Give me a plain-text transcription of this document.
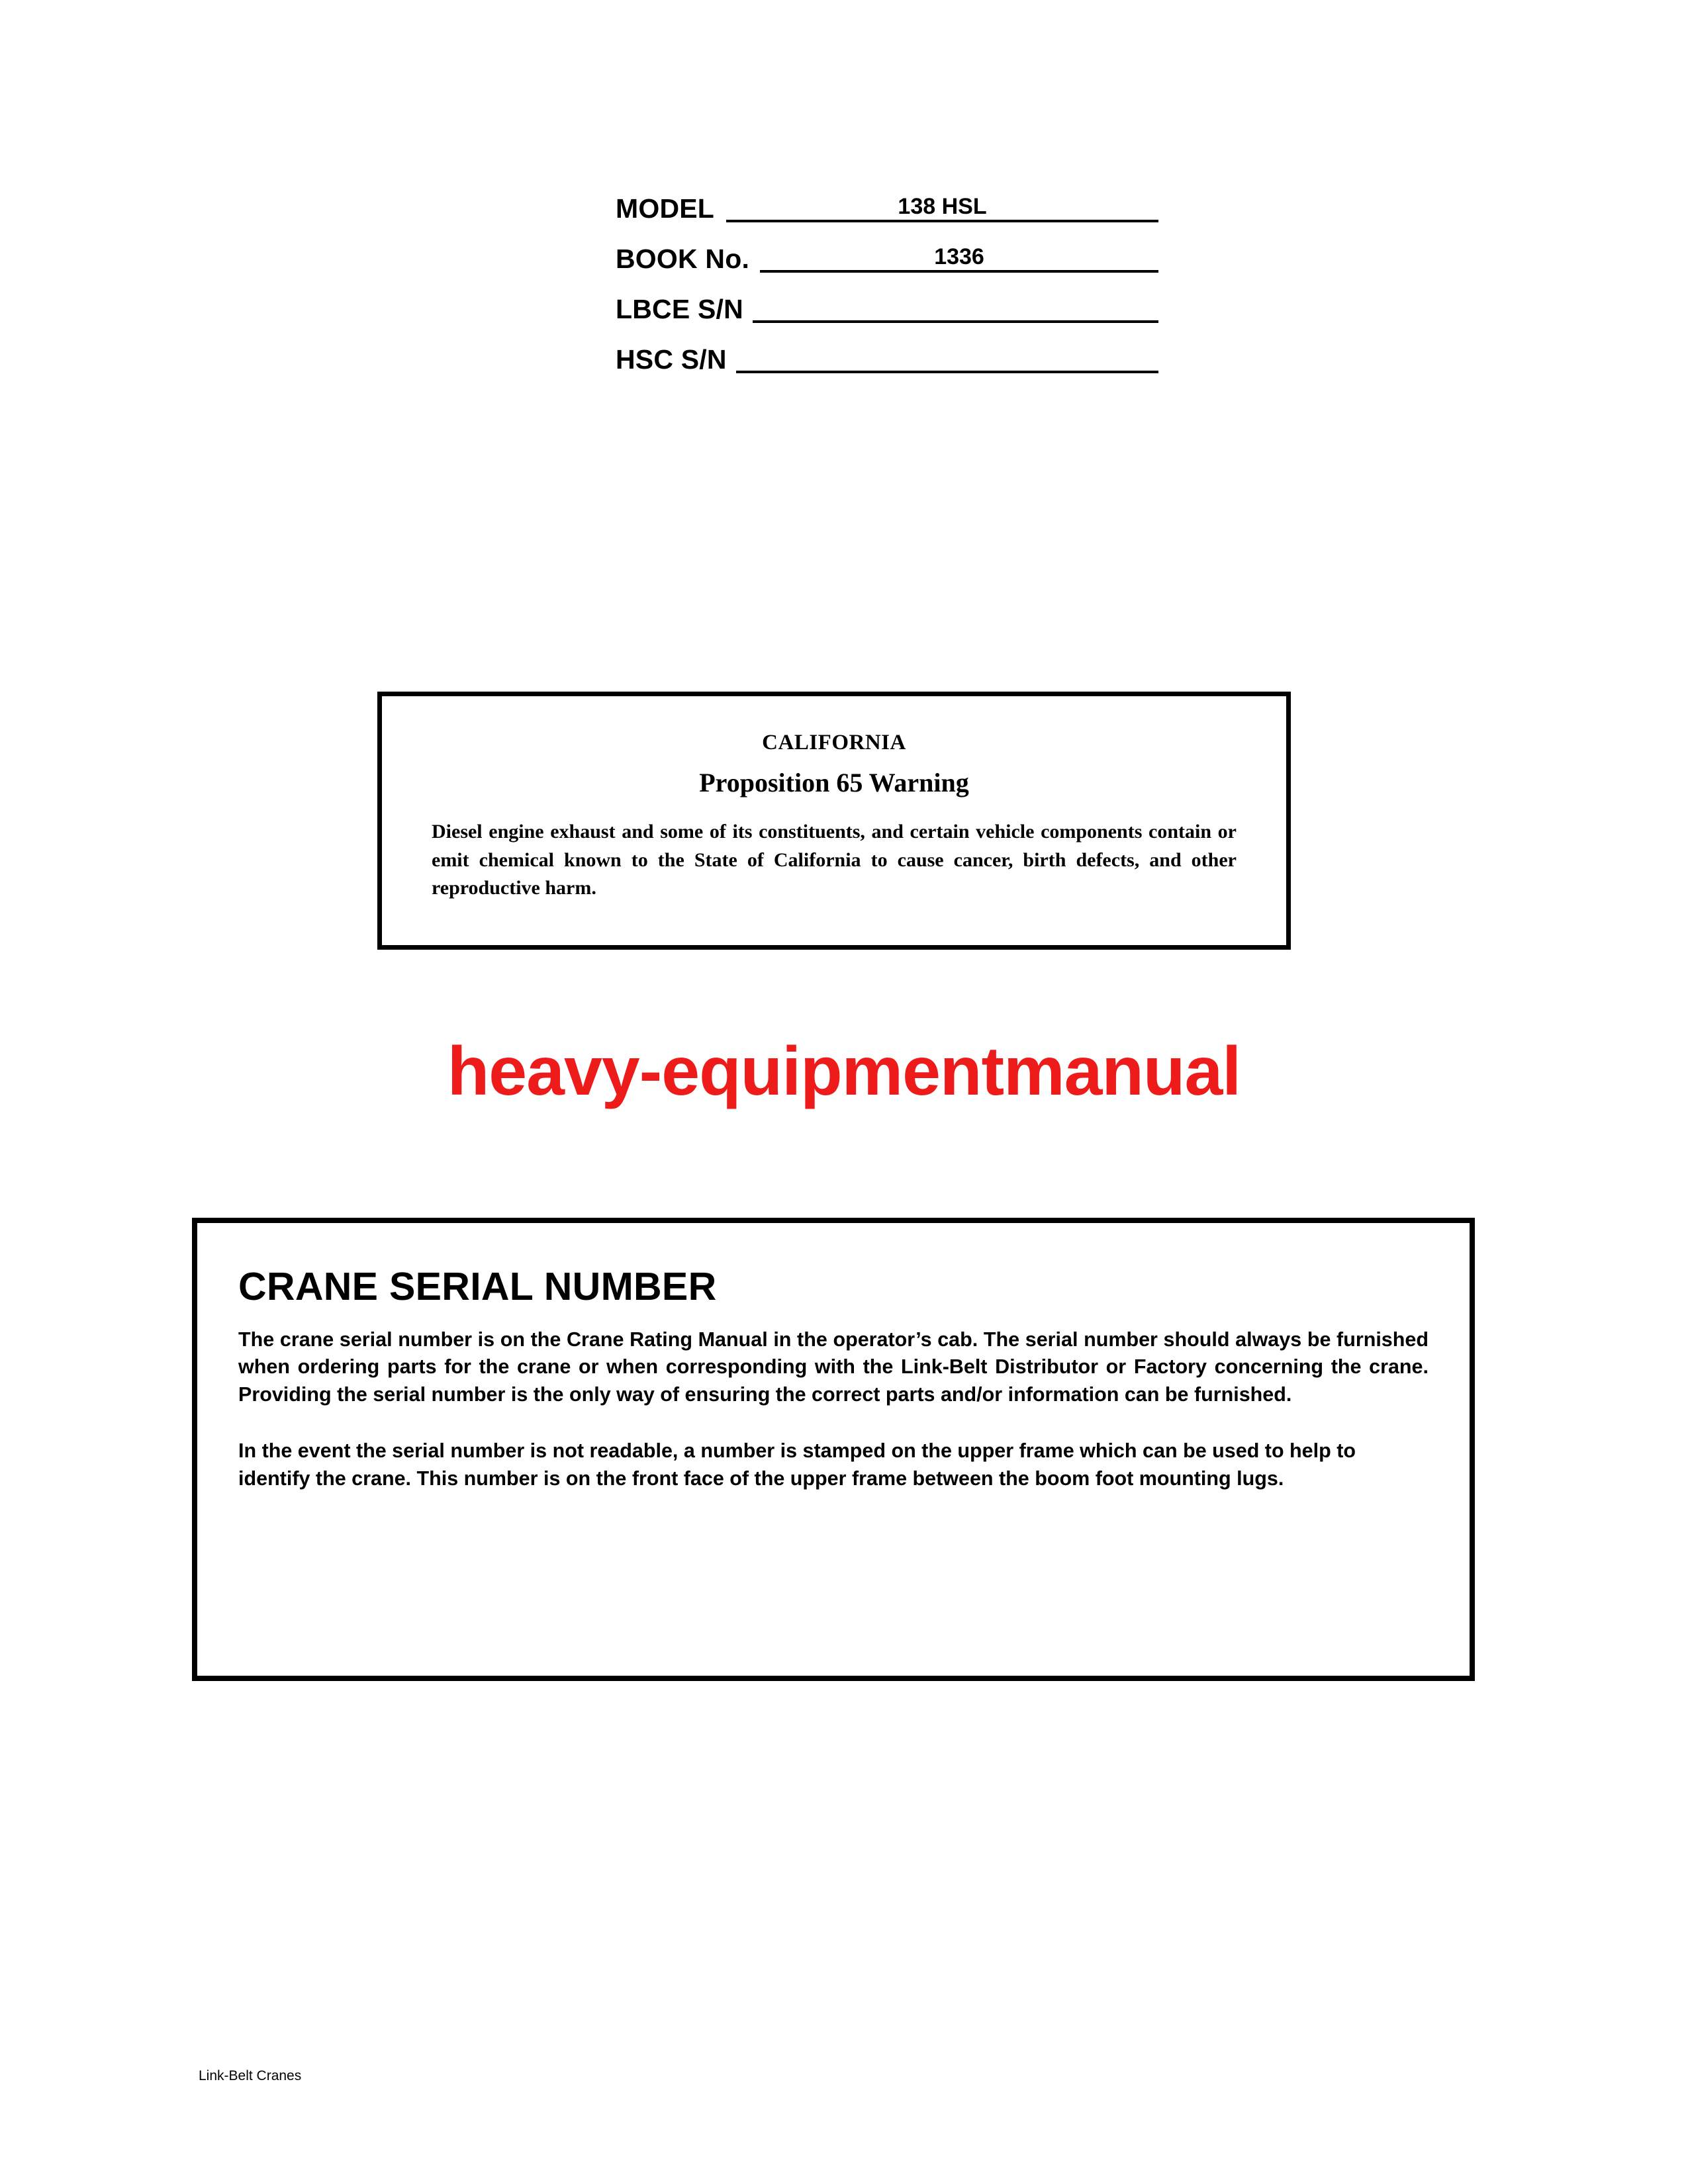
MODEL	138 HSL
BOOK No.	1336
LBCE S/N
HSC S/N
CALIFORNIA
Proposition 65 Warning
Diesel engine exhaust and some of its constituents, and certain vehicle components contain or emit chemical known to the State of California to cause cancer, birth defects, and other reproductive harm.
heavy-equipmentmanual
CRANE SERIAL NUMBER
The crane serial number is on the Crane Rating Manual in the operator’s cab. The serial number should always be furnished when ordering parts for the crane or when corresponding with the Link-Belt Distributor or Factory concerning the crane. Providing the serial number is the only way of ensuring the correct parts and/or information can be furnished.
In the event the serial number is not readable, a number is stamped on the upper frame which can be used to help to identify the crane. This number is on the front face of the upper frame between the boom foot mounting lugs.
Link-Belt Cranes
